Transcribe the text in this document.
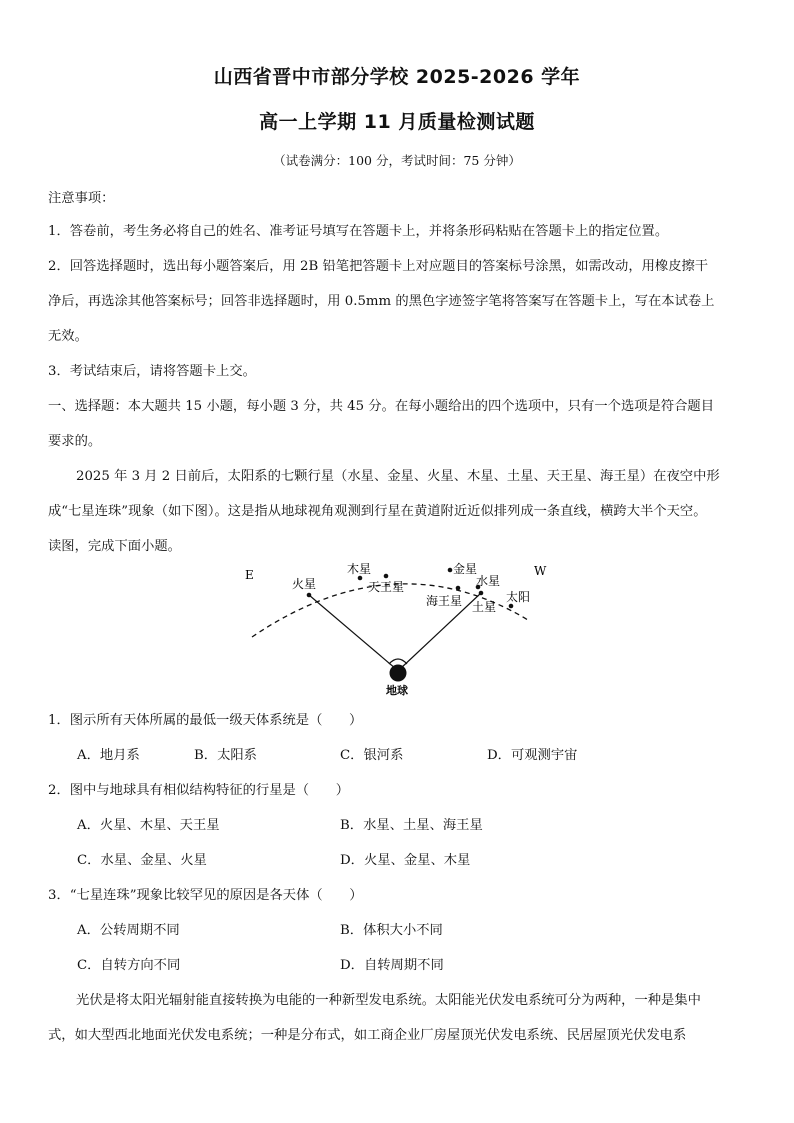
山西省晋中市部分学校 2025-2026 学年
高一上学期 11 月质量检测试题
（试卷满分：100 分，考试时间：75 分钟）
注意事项：
1．答卷前，考生务必将自己的姓名、准考证号填写在答题卡上，并将条形码粘贴在答题卡上的指定位置。
2．回答选择题时，选出每小题答案后，用 2B 铅笔把答题卡上对应题目的答案标号涂黑，如需改动，用橡皮擦干
净后，再选涂其他答案标号；回答非选择题时，用 0.5mm 的黑色字迹签字笔将答案写在答题卡上，写在本试卷上
无效。
3．考试结束后，请将答题卡上交。
一、选择题：本大题共 15 小题，每小题 3 分，共 45 分。在每小题给出的四个选项中，只有一个选项是符合题目
要求的。
2025 年 3 月 2 日前后，太阳系的七颗行星（水星、金星、火星、木星、土星、天王星、海王星）在夜空中形
成“七星连珠”现象（如下图）。这是指从地球视角观测到行星在黄道附近近似排列成一条直线，横跨大半个天空。
读图，完成下面小题。
E	W
火星
木星
天王星
金星
水星
海王星 土星
太阳
地球
1．图示所有天体所属的最低一级天体系统是（　　）
A．地月系	B．太阳系	C．银河系	D．可观测宇宙
2．图中与地球具有相似结构特征的行星是（　　）
A．火星、木星、天王星	B．水星、土星、海王星
C．水星、金星、火星	D．火星、金星、木星
3．“七星连珠”现象比较罕见的原因是各天体（　　）
A．公转周期不同	B．体积大小不同
C．自转方向不同	D．自转周期不同
光伏是将太阳光辐射能直接转换为电能的一种新型发电系统。太阳能光伏发电系统可分为两种，一种是集中
式，如大型西北地面光伏发电系统；一种是分布式，如工商企业厂房屋顶光伏发电系统、民居屋顶光伏发电系
